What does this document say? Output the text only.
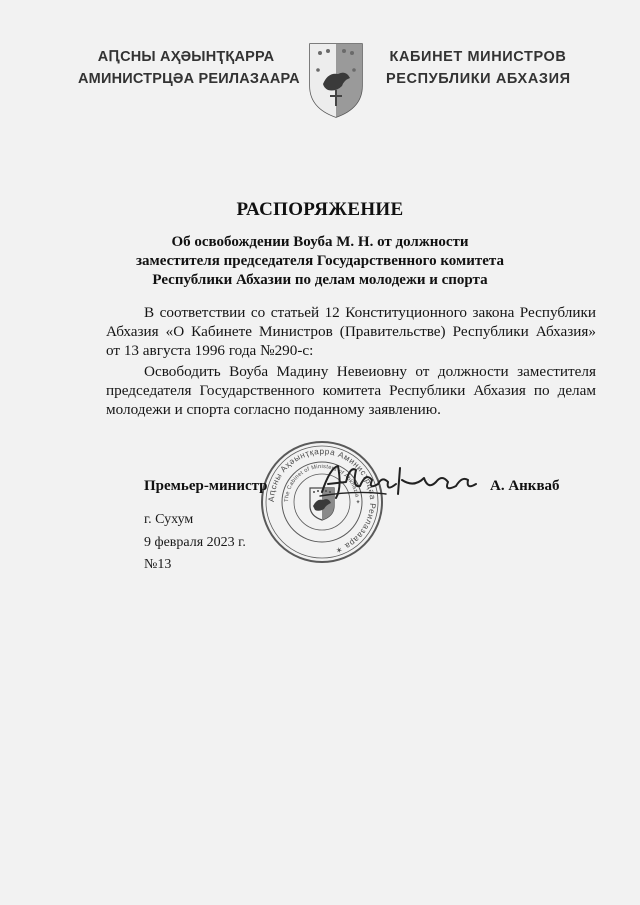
АԤСНЫ АҲӘЫНҬҚАРРА
АМИНИСТРЦӘА РЕИЛАЗААРА
КАБИНЕТ МИНИСТРОВ
РЕСПУБЛИКИ АБХАЗИЯ
РАСПОРЯЖЕНИЕ
Об освобождении Воуба М. Н. от должности
заместителя председателя Государственного комитета
Республики Абхазии по делам молодежи и спорта
В соответствии со статьей 12 Конституционного закона Республики
Абхазия «О Кабинете Министров (Правительстве) Республики Абхазия»
от 13 августа 1996 года №290-с:
Освободить Воуба Мадину Невеиовну от должности заместителя
председателя Государственного комитета Республики Абхазия по делам
молодежи и спорта согласно поданному заявлению.
Аԥсны Аҳәынҭқарра Аминистрцәа Реилазаара ✶
The Cabinet of Ministers of Abkhazia ✶
Премьер-министр	А. Анкваб
г. Сухум
9 февраля 2023 г.
№13
